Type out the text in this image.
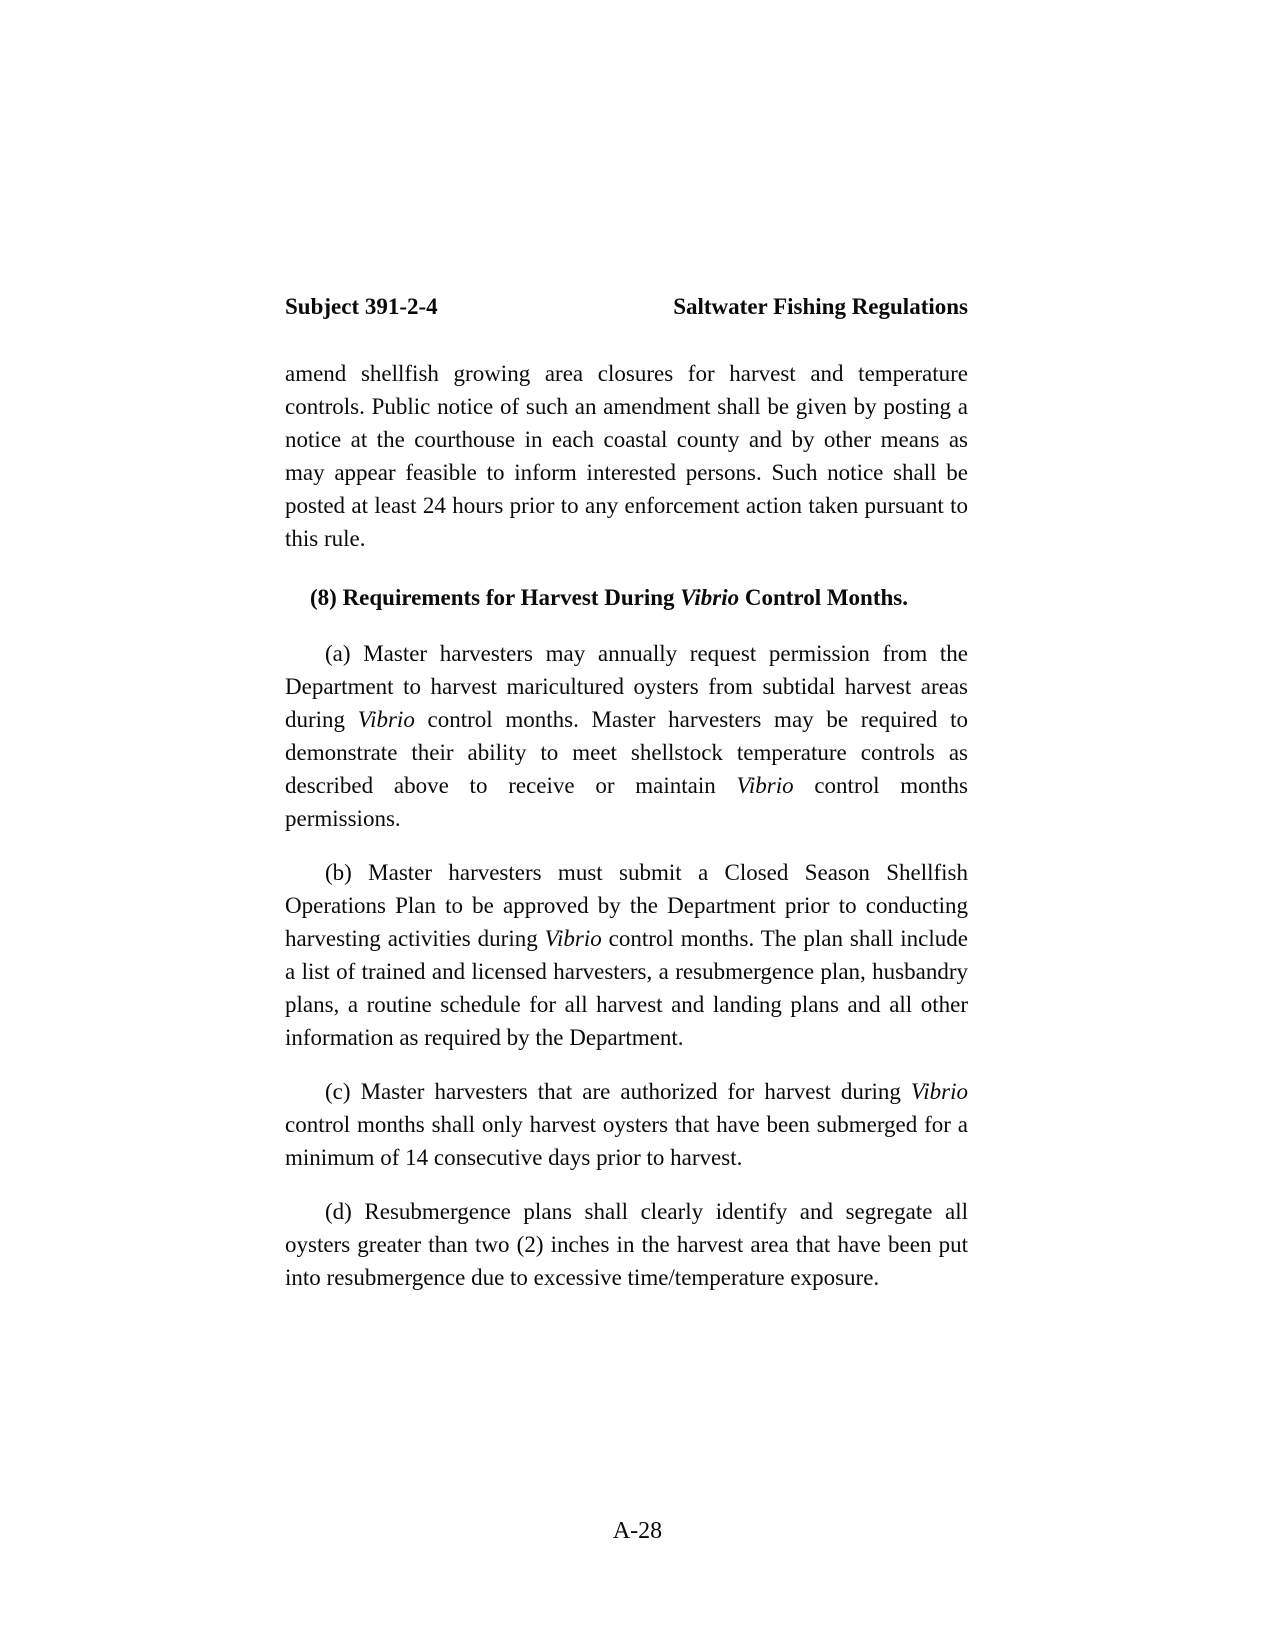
Subject 391-2-4	Saltwater Fishing Regulations

amend shellfish growing area closures for harvest and temperature controls. Public notice of such an amendment shall be given by posting a notice at the courthouse in each coastal county and by other means as may appear feasible to inform interested persons. Such notice shall be posted at least 24 hours prior to any enforcement action taken pursuant to this rule.

(8) Requirements for Harvest During Vibrio Control Months.

(a) Master harvesters may annually request permission from the Department to harvest maricultured oysters from subtidal harvest areas during Vibrio control months. Master harvesters may be required to demonstrate their ability to meet shellstock temperature controls as described above to receive or maintain Vibrio control months permissions.

(b) Master harvesters must submit a Closed Season Shellfish Operations Plan to be approved by the Department prior to conducting harvesting activities during Vibrio control months. The plan shall include a list of trained and licensed harvesters, a resubmergence plan, husbandry plans, a routine schedule for all harvest and landing plans and all other information as required by the Department.

(c) Master harvesters that are authorized for harvest during Vibrio control months shall only harvest oysters that have been submerged for a minimum of 14 consecutive days prior to harvest.

(d) Resubmergence plans shall clearly identify and segregate all oysters greater than two (2) inches in the harvest area that have been put into resubmergence due to excessive time/temperature exposure.

A-28
